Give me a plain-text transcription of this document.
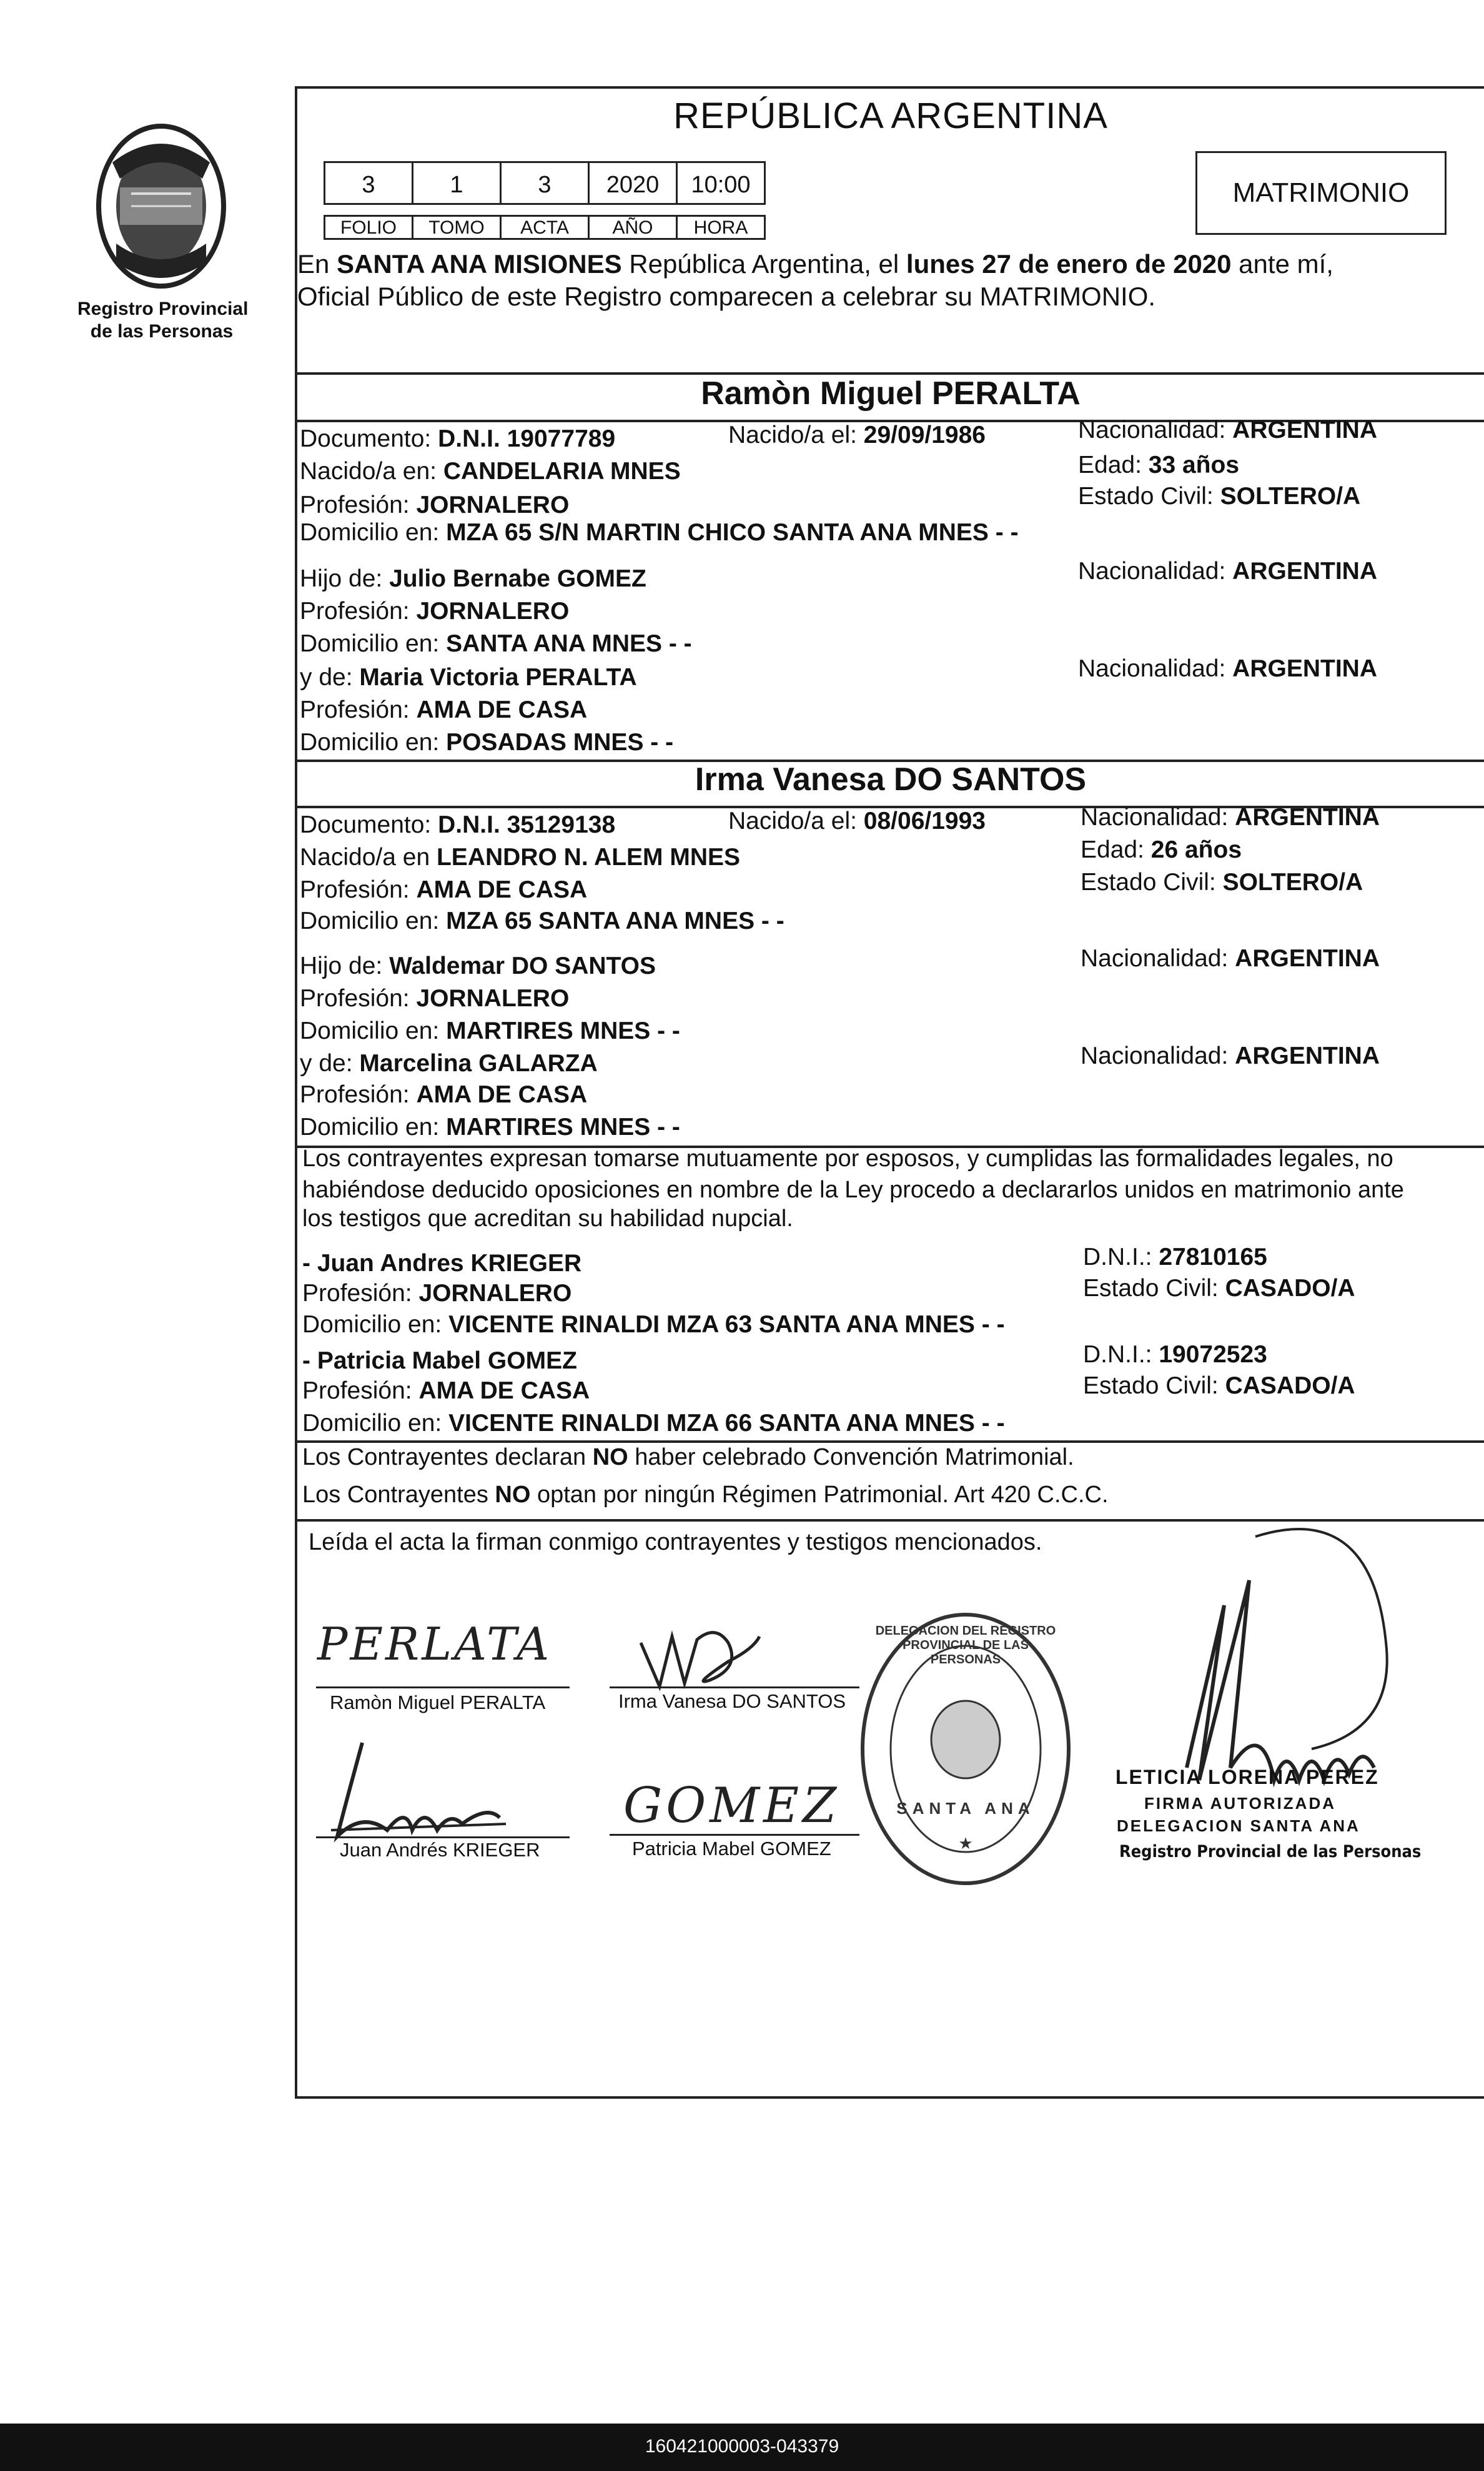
Registro Provincial
de las Personas
REPÚBLICA ARGENTINA
3	1	3	2020	10:00
FOLIO	TOMO	ACTA	AÑO	HORA
MATRIMONIO
En SANTA ANA MISIONES República Argentina, el lunes 27 de enero de 2020 ante mí,
Oficial Público de este Registro comparecen a celebrar su MATRIMONIO.
Ramòn Miguel PERALTA
Documento: D.N.I. 19077789	Nacido/a el: 29/09/1986	Nacionalidad: ARGENTINA
Nacido/a en: CANDELARIA MNES	Edad: 33 años
Profesión: JORNALERO	Estado Civil: SOLTERO/A
Domicilio en: MZA 65 S/N MARTIN CHICO SANTA ANA MNES - -
Hijo de: Julio Bernabe GOMEZ	Nacionalidad: ARGENTINA
Profesión: JORNALERO
Domicilio en: SANTA ANA MNES - -
y de: Maria Victoria PERALTA	Nacionalidad: ARGENTINA
Profesión: AMA DE CASA
Domicilio en: POSADAS MNES - -
Irma Vanesa DO SANTOS
Documento: D.N.I. 35129138	Nacido/a el: 08/06/1993	Nacionalidad: ARGENTINA
Nacido/a en LEANDRO N. ALEM MNES	Edad: 26 años
Profesión: AMA DE CASA	Estado Civil: SOLTERO/A
Domicilio en: MZA 65 SANTA ANA MNES - -
Hijo de: Waldemar DO SANTOS	Nacionalidad: ARGENTINA
Profesión: JORNALERO
Domicilio en: MARTIRES MNES - -
y de: Marcelina GALARZA	Nacionalidad: ARGENTINA
Profesión: AMA DE CASA
Domicilio en: MARTIRES MNES - -
Los contrayentes expresan tomarse mutuamente por esposos, y cumplidas las formalidades legales, no
habiéndose deducido oposiciones en nombre de la Ley procedo a declararlos unidos en matrimonio ante
los testigos que acreditan su habilidad nupcial.
- Juan Andres KRIEGER	D.N.I.: 27810165
Profesión: JORNALERO	Estado Civil: CASADO/A
Domicilio en: VICENTE RINALDI MZA 63 SANTA ANA MNES - -
- Patricia Mabel GOMEZ	D.N.I.: 19072523
Profesión: AMA DE CASA	Estado Civil: CASADO/A
Domicilio en: VICENTE RINALDI MZA 66 SANTA ANA MNES - -
Los Contrayentes declaran NO haber celebrado Convención Matrimonial.
Los Contrayentes NO optan por ningún Régimen Patrimonial. Art 420 C.C.C.
Leída el acta la firman conmigo contrayentes y testigos mencionados.
PERLATA
Ramòn Miguel PERALTA	Irma Vanesa DO SANTOS
Juan Andrés KRIEGER
GOMEZ
Patricia Mabel GOMEZ	★
DELEGACION DEL REGISTRO PROVINCIAL DE LAS PERSONAS
SANTA ANA
LETICIA LORENA PEREZ
FIRMA AUTORIZADA
DELEGACION SANTA ANA
Registro Provincial de las Personas
160421000003-043379
